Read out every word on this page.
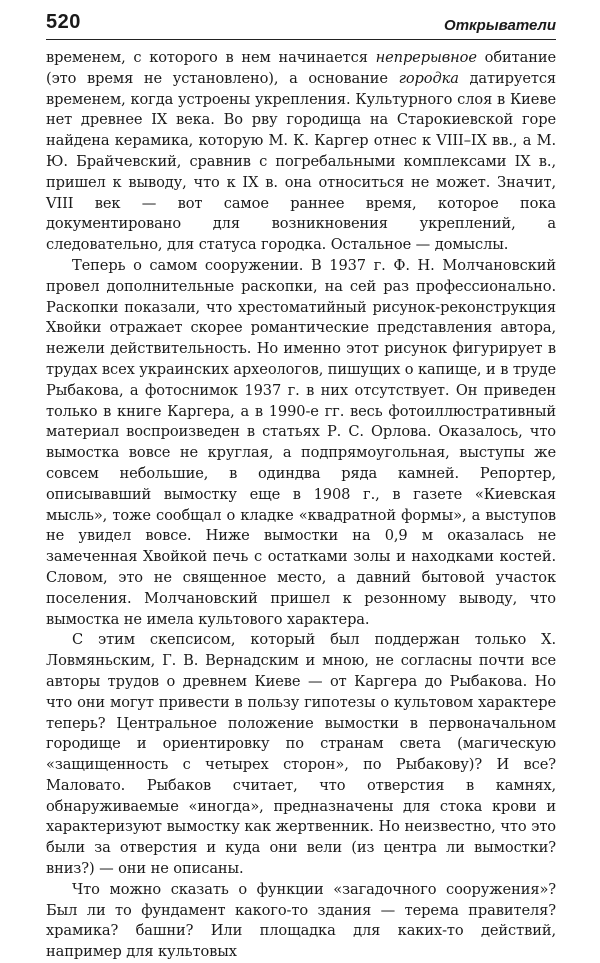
520	Открыватели

временем, с которого в нем начинается непрерывное обитание (это время не установлено), а основание городка датируется временем, когда устроены укрепления. Культурного слоя в Киеве нет древнее IX века. Во рву городища на Старокиевской горе найдена керамика, которую М. К. Каргер отнес к VIII–IX вв., а М. Ю. Брайчевский, сравнив с погребальными комплексами IX в., пришел к выводу, что к IX в. она относиться не может. Значит, VIII век — вот самое раннее время, которое пока документировано для возникновения укреплений, а следовательно, для статуса городка. Остальное — домыслы.

Теперь о самом сооружении. В 1937 г. Ф. Н. Молчановский провел дополнительные раскопки, на сей раз профессионально. Раскопки показали, что хрестоматийный рисунок-реконструкция Хвойки отражает скорее романтические представления автора, нежели действительность. Но именно этот рисунок фигурирует в трудах всех украинских археологов, пишущих о капище, и в труде Рыбакова, а фотоснимок 1937 г. в них отсутствует. Он приведен только в книге Каргера, а в 1990-е гг. весь фотоиллюстративный материал воспроизведен в статьях Р. С. Орлова. Оказалось, что вымостка вовсе не круглая, а подпрямоугольная, выступы же совсем небольшие, в одиндва ряда камней. Репортер, описывавший вымостку еще в 1908 г., в газете «Киевская мысль», тоже сообщал о кладке «квадратной формы», а выступов не увидел вовсе. Ниже вымостки на 0,9 м оказалась не замеченная Хвойкой печь с остатками золы и находками костей. Словом, это не священное место, а давний бытовой участок поселения. Молчановский пришел к резонному выводу, что вымостка не имела культового характера.

С этим скепсисом, который был поддержан только Х. Ловмяньским, Г. В. Вернадским и мною, не согласны почти все авторы трудов о древнем Киеве — от Каргера до Рыбакова. Но что они могут привести в пользу гипотезы о культовом характере теперь? Центральное положение вымостки в первоначальном городище и ориентировку по странам света (магическую «защищенность с четырех сторон», по Рыбакову)? И все? Маловато. Рыбаков считает, что отверстия в камнях, обнаруживаемые «иногда», предназначены для стока крови и характеризуют вымостку как жертвенник. Но неизвестно, что это были за отверстия и куда они вели (из центра ли вымостки? вниз?) — они не описаны.

Что можно сказать о функции «загадочного сооружения»? Был ли то фундамент какого-то здания — терема правителя? храмика? башни? Или площадка для каких-то действий, например для культовых
